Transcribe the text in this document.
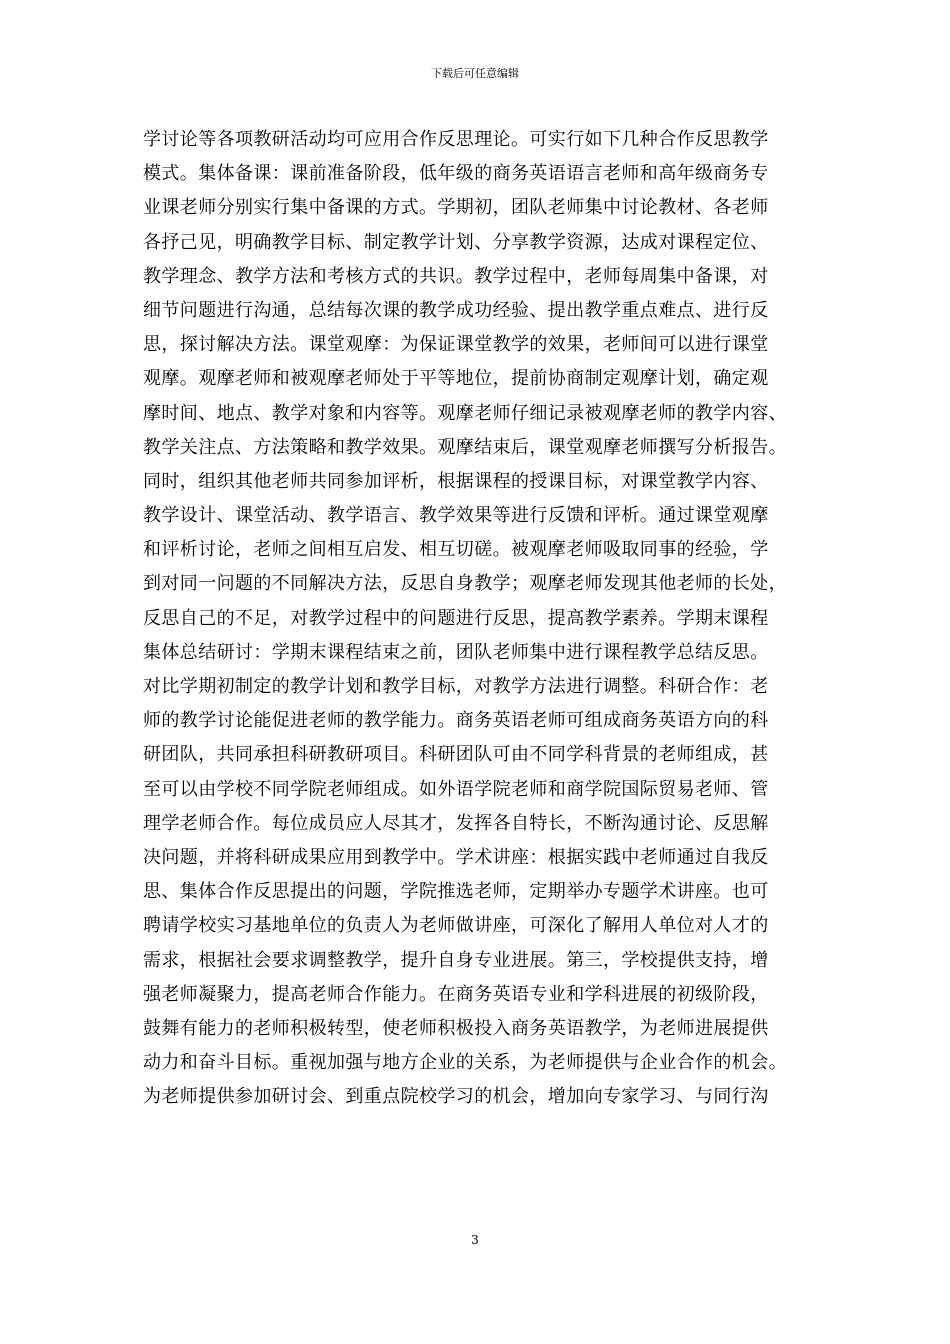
下载后可任意编辑
学讨论等各项教研活动均可应用合作反思理论。可实行如下几种合作反思教学
模式。集体备课：课前准备阶段，低年级的商务英语语言老师和高年级商务专
业课老师分别实行集中备课的方式。学期初，团队老师集中讨论教材、各老师
各抒己见，明确教学目标、制定教学计划、分享教学资源，达成对课程定位、
教学理念、教学方法和考核方式的共识。教学过程中，老师每周集中备课，对
细节问题进行沟通，总结每次课的教学成功经验、提出教学重点难点、进行反
思，探讨解决方法。课堂观摩：为保证课堂教学的效果，老师间可以进行课堂
观摩。观摩老师和被观摩老师处于平等地位，提前协商制定观摩计划，确定观
摩时间、地点、教学对象和内容等。观摩老师仔细记录被观摩老师的教学内容、
教学关注点、方法策略和教学效果。观摩结束后，课堂观摩老师撰写分析报告。
同时，组织其他老师共同参加评析，根据课程的授课目标，对课堂教学内容、
教学设计、课堂活动、教学语言、教学效果等进行反馈和评析。通过课堂观摩
和评析讨论，老师之间相互启发、相互切磋。被观摩老师吸取同事的经验，学
到对同一问题的不同解决方法，反思自身教学；观摩老师发现其他老师的长处，
反思自己的不足，对教学过程中的问题进行反思，提高教学素养。学期末课程
集体总结研讨：学期末课程结束之前，团队老师集中进行课程教学总结反思。
对比学期初制定的教学计划和教学目标，对教学方法进行调整。科研合作：老
师的教学讨论能促进老师的教学能力。商务英语老师可组成商务英语方向的科
研团队，共同承担科研教研项目。科研团队可由不同学科背景的老师组成，甚
至可以由学校不同学院老师组成。如外语学院老师和商学院国际贸易老师、管
理学老师合作。每位成员应人尽其才，发挥各自特长，不断沟通讨论、反思解
决问题，并将科研成果应用到教学中。学术讲座：根据实践中老师通过自我反
思、集体合作反思提出的问题，学院推选老师，定期举办专题学术讲座。也可
聘请学校实习基地单位的负责人为老师做讲座，可深化了解用人单位对人才的
需求，根据社会要求调整教学，提升自身专业进展。第三，学校提供支持，增
强老师凝聚力，提高老师合作能力。在商务英语专业和学科进展的初级阶段，
鼓舞有能力的老师积极转型，使老师积极投入商务英语教学，为老师进展提供
动力和奋斗目标。重视加强与地方企业的关系，为老师提供与企业合作的机会。
为老师提供参加研讨会、到重点院校学习的机会，增加向专家学习、与同行沟
3
